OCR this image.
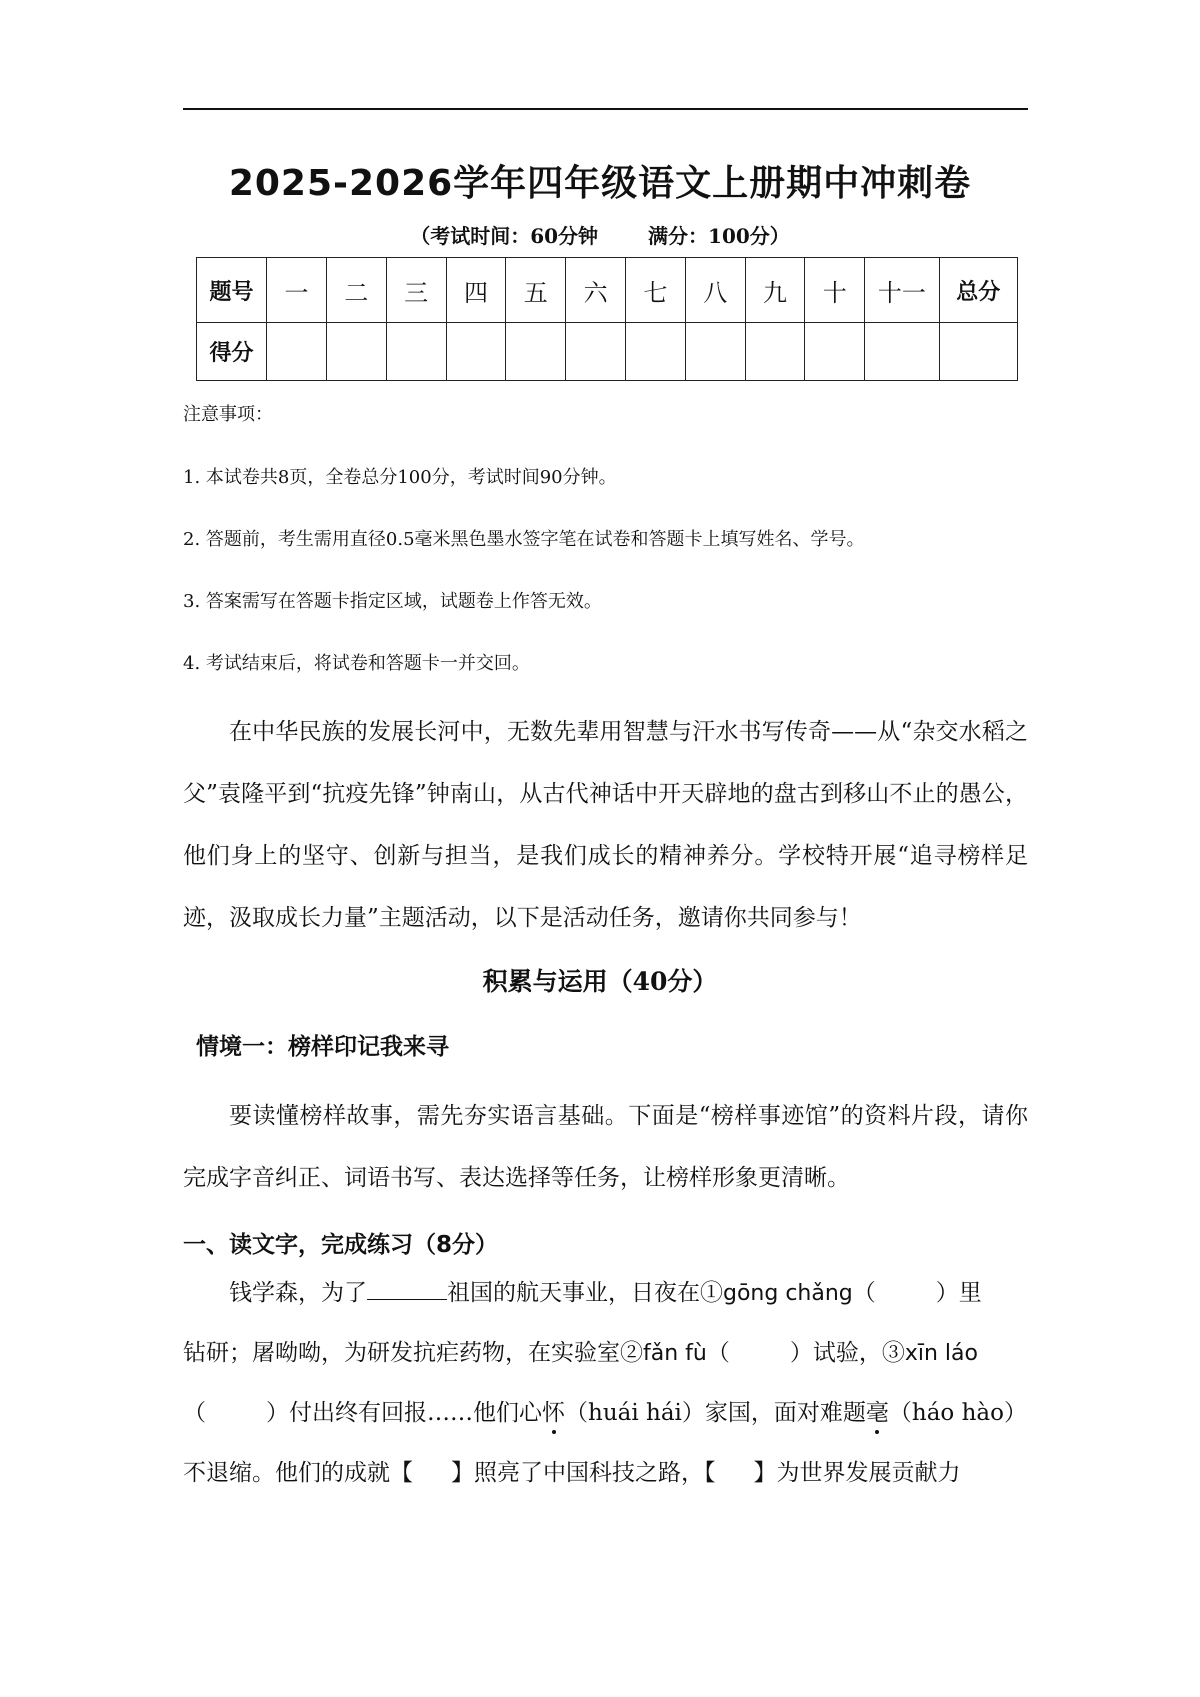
2025-2026学年四年级语文上册期中冲刺卷
（考试时间：60分钟	满分：100分）
题号	一	二	三	四	五	六	七	八	九	十	十一	总分
得分												
注意事项：
1. 本试卷共8页，全卷总分100分，考试时间90分钟。
2. 答题前，考生需用直径0.5毫米黑色墨水签字笔在试卷和答题卡上填写姓名、学号。
3. 答案需写在答题卡指定区域，试题卷上作答无效。
4. 考试结束后，将试卷和答题卡一并交回。

在中华民族的发展长河中，无数先辈用智慧与汗水书写传奇——从“杂交水稻之父”袁隆平到“抗疫先锋”钟南山，从古代神话中开天辟地的盘古到移山不止的愚公，他们身上的坚守、创新与担当，是我们成长的精神养分。学校特开展“追寻榜样足迹，汲取成长力量”主题活动，以下是活动任务，邀请你共同参与！

积累与运用（40分）
情境一：榜样印记我来寻

要读懂榜样故事，需先夯实语言基础。下面是“榜样事迹馆”的资料片段，请你完成字音纠正、词语书写、表达选择等任务，让榜样形象更清晰。

一、读文字，完成练习（8分）
钱学森，为了	祖国的航天事业，日夜在①gōng chǎng（	）里
钻研；屠呦呦，为研发抗疟药物，在实验室②fǎn fù（	）试验，③xīn láo
（	）付出终有回报……他们心怀（huái hái）家国，面对难题毫（háo hào）
不退缩。他们的成就【 】照亮了中国科技之路，【 】为世界发展贡献力
